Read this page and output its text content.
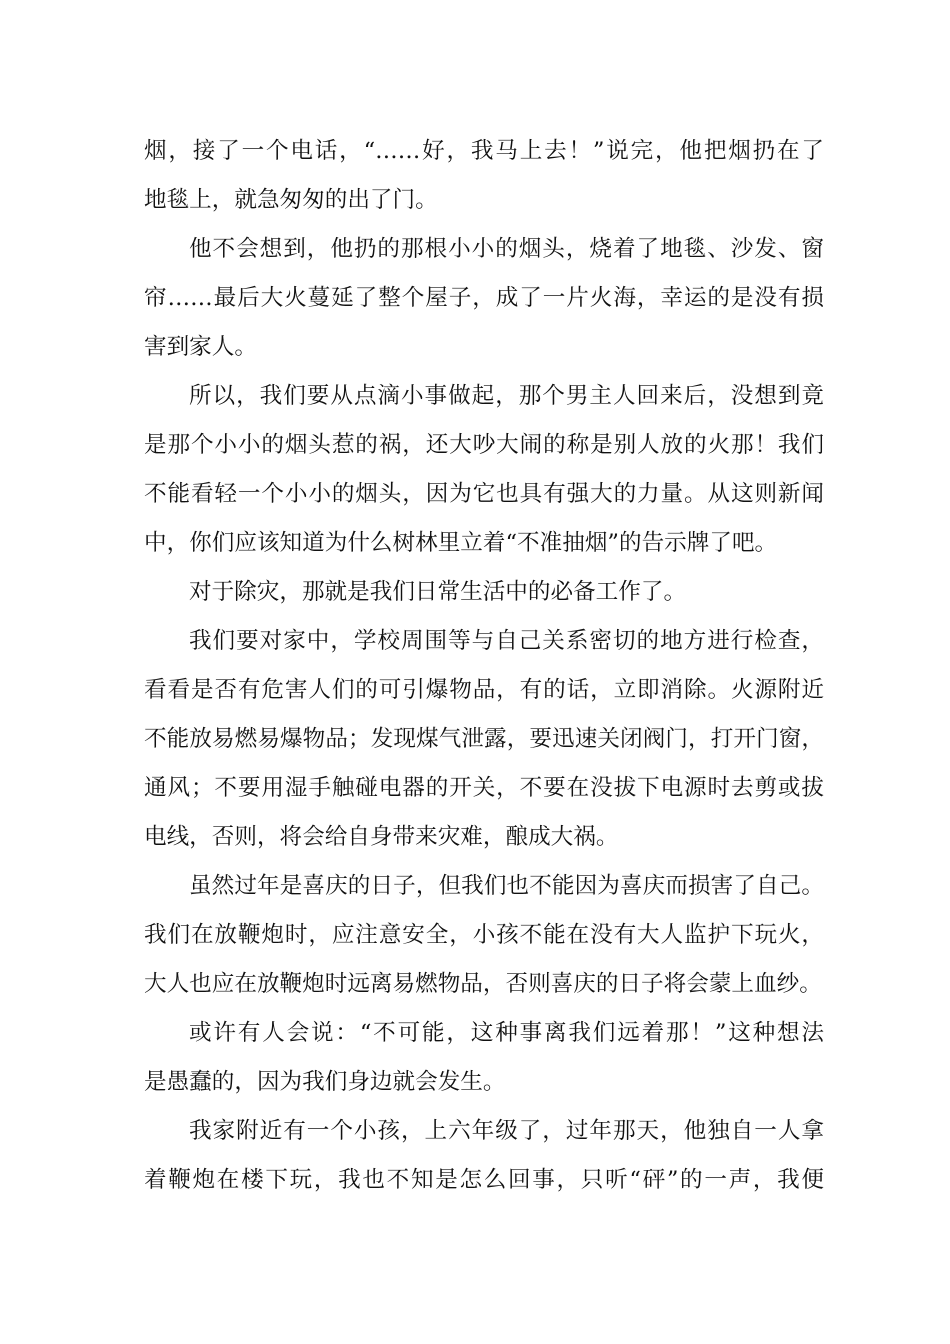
烟，接了一个电话，“……好，我马上去！”说完，他把烟扔在了
地毯上，就急匆匆的出了门。
他不会想到，他扔的那根小小的烟头，烧着了地毯、沙发、窗
帘……最后大火蔓延了整个屋子，成了一片火海，幸运的是没有损
害到家人。
所以，我们要从点滴小事做起，那个男主人回来后，没想到竟
是那个小小的烟头惹的祸，还大吵大闹的称是别人放的火那！我们
不能看轻一个小小的烟头，因为它也具有强大的力量。从这则新闻
中，你们应该知道为什么树林里立着“不准抽烟”的告示牌了吧。
对于除灾，那就是我们日常生活中的必备工作了。
我们要对家中，学校周围等与自己关系密切的地方进行检查，
看看是否有危害人们的可引爆物品，有的话，立即消除。火源附近
不能放易燃易爆物品；发现煤气泄露，要迅速关闭阀门，打开门窗，
通风；不要用湿手触碰电器的开关，不要在没拔下电源时去剪或拔
电线，否则，将会给自身带来灾难，酿成大祸。
虽然过年是喜庆的日子，但我们也不能因为喜庆而损害了自己。
我们在放鞭炮时，应注意安全，小孩不能在没有大人监护下玩火，
大人也应在放鞭炮时远离易燃物品，否则喜庆的日子将会蒙上血纱。
或许有人会说：“不可能，这种事离我们远着那！”这种想法
是愚蠢的，因为我们身边就会发生。
我家附近有一个小孩，上六年级了，过年那天，他独自一人拿
着鞭炮在楼下玩，我也不知是怎么回事，只听“砰”的一声，我便
